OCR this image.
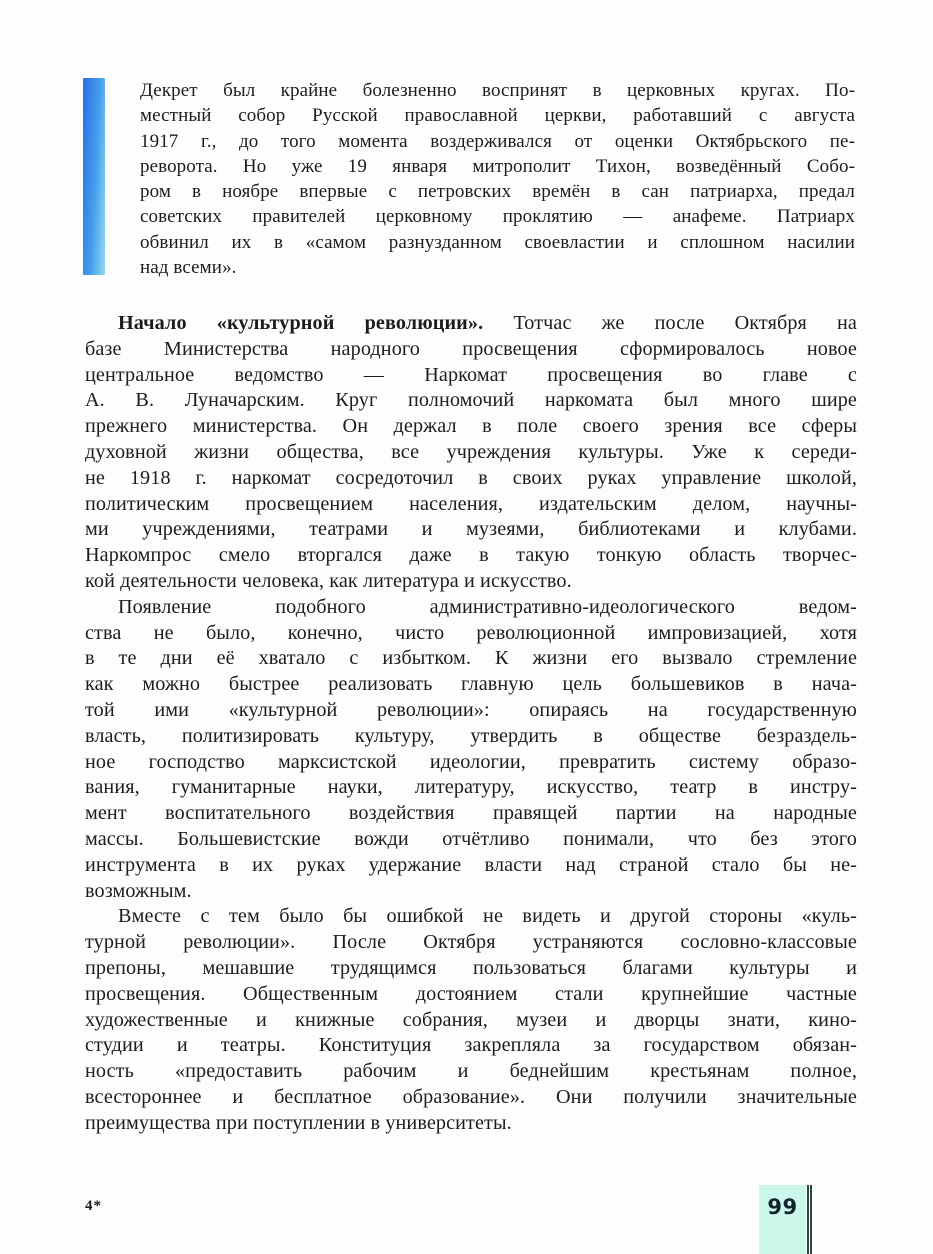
Декрет был крайне болезненно воспринят в церковных кругах. По-
местный собор Русской православной церкви, работавший с августа
1917 г., до того момента воздерживался от оценки Октябрьского пе-
реворота. Но уже 19 января митрополит Тихон, возведённый Собо-
ром в ноябре впервые с петровских времён в сан патриарха, предал
советских правителей церковному проклятию — анафеме. Патриарх
обвинил их в «самом разнузданном своевластии и сплошном насилии
над всеми».
Начало «культурной революции». Тотчас же после Октября на
базе Министерства народного просвещения сформировалось новое
центральное ведомство — Наркомат просвещения во главе с
А. В. Луначарским. Круг полномочий наркомата был много шире
прежнего министерства. Он держал в поле своего зрения все сферы
духовной жизни общества, все учреждения культуры. Уже к середи-
не 1918 г. наркомат сосредоточил в своих руках управление школой,
политическим просвещением населения, издательским делом, научны-
ми учреждениями, театрами и музеями, библиотеками и клубами.
Наркомпрос смело вторгался даже в такую тонкую область творчес-
кой деятельности человека, как литература и искусство.
Появление подобного административно-идеологического ведом-
ства не было, конечно, чисто революционной импровизацией, хотя
в те дни её хватало с избытком. К жизни его вызвало стремление
как можно быстрее реализовать главную цель большевиков в нача-
той ими «культурной революции»: опираясь на государственную
власть, политизировать культуру, утвердить в обществе безраздель-
ное господство марксистской идеологии, превратить систему образо-
вания, гуманитарные науки, литературу, искусство, театр в инстру-
мент воспитательного воздействия правящей партии на народные
массы. Большевистские вожди отчётливо понимали, что без этого
инструмента в их руках удержание власти над страной стало бы не-
возможным.
Вместе с тем было бы ошибкой не видеть и другой стороны «куль-
турной революции». После Октября устраняются сословно-классовые
препоны, мешавшие трудящимся пользоваться благами культуры и
просвещения. Общественным достоянием стали крупнейшие частные
художественные и книжные собрания, музеи и дворцы знати, кино-
студии и театры. Конституция закрепляла за государством обязан-
ность «предоставить рабочим и беднейшим крестьянам полное,
всестороннее и бесплатное образование». Они получили значительные
преимущества при поступлении в университеты.
4*	99
